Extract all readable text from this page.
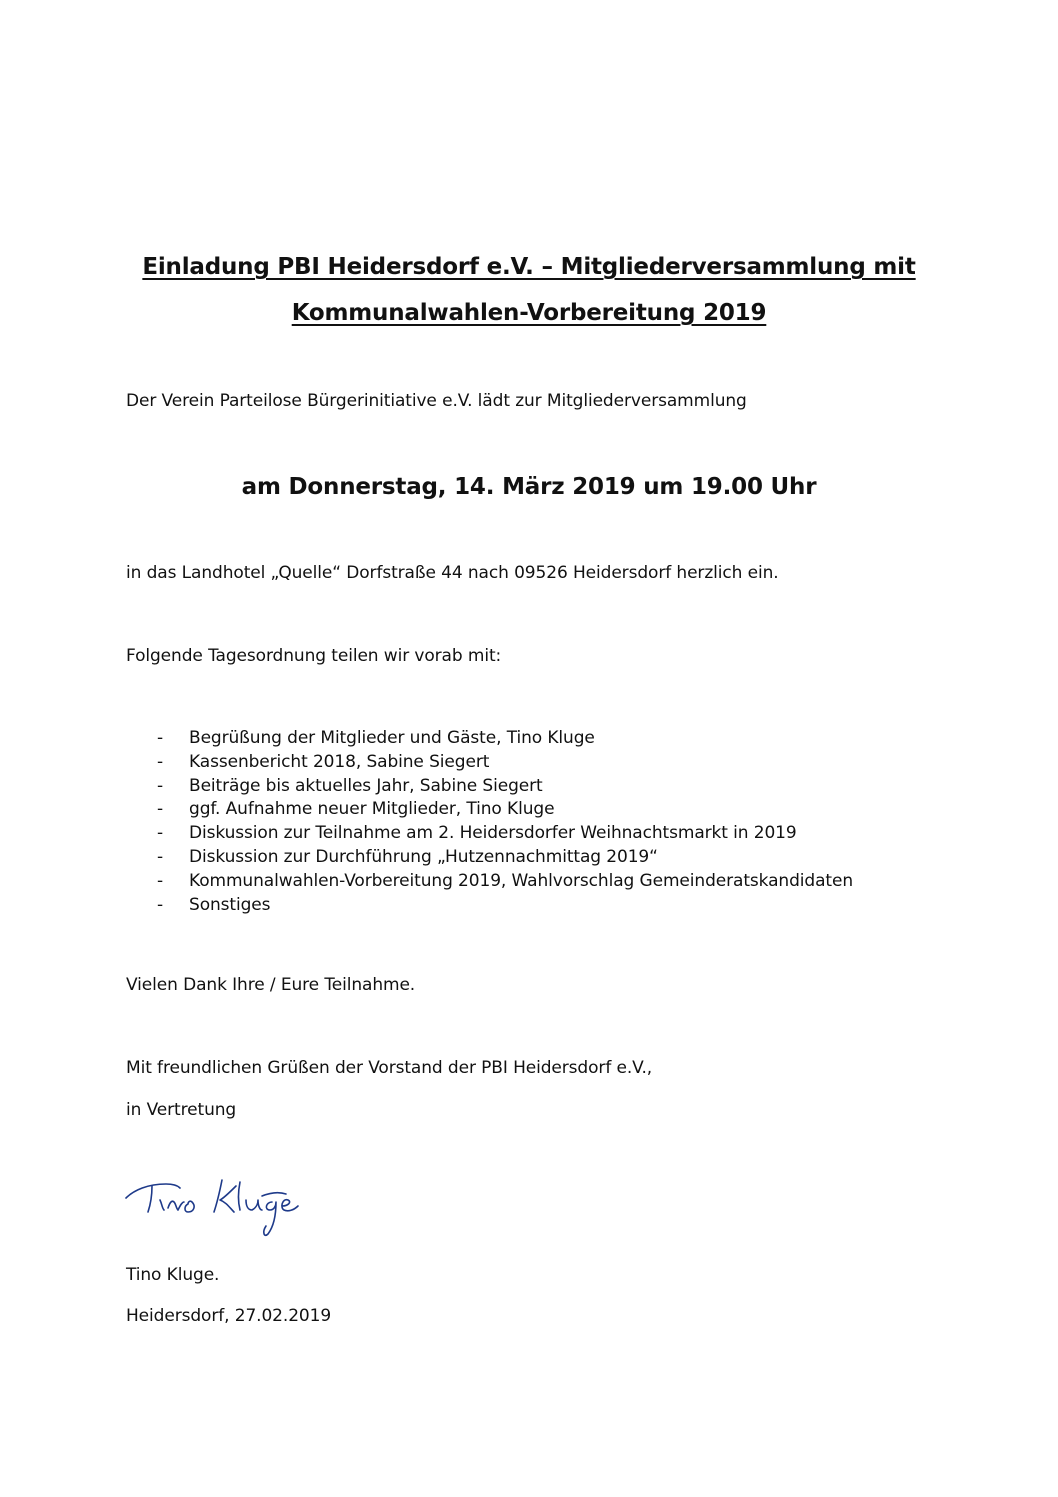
Einladung PBI Heidersdorf e.V. – Mitgliederversammlung mit
Kommunalwahlen-Vorbereitung 2019
Der Verein Parteilose Bürgerinitiative e.V. lädt zur Mitgliederversammlung
am Donnerstag, 14. März 2019 um 19.00 Uhr
in das Landhotel „Quelle“ Dorfstraße 44 nach 09526 Heidersdorf herzlich ein.
Folgende Tagesordnung teilen wir vorab mit:
- Begrüßung der Mitglieder und Gäste, Tino Kluge
- Kassenbericht 2018, Sabine Siegert
- Beiträge bis aktuelles Jahr, Sabine Siegert
- ggf. Aufnahme neuer Mitglieder, Tino Kluge
- Diskussion zur Teilnahme am 2. Heidersdorfer Weihnachtsmarkt in 2019
- Diskussion zur Durchführung „Hutzennachmittag 2019“
- Kommunalwahlen-Vorbereitung 2019, Wahlvorschlag Gemeinderatskandidaten
- Sonstiges
Vielen Dank Ihre / Eure Teilnahme.
Mit freundlichen Grüßen der Vorstand der PBI Heidersdorf e.V.,
in Vertretung
Tino Kluge.
Heidersdorf, 27.02.2019
